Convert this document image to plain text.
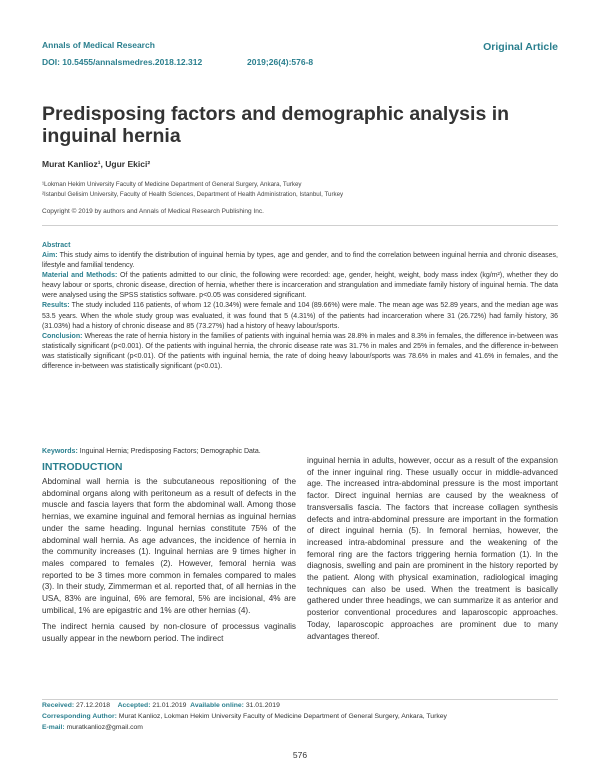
Annals of Medical Research	Original Article
DOI: 10.5455/annalsmedres.2018.12.312	2019;26(4):576-8
Predisposing factors and demographic analysis in inguinal hernia
Murat Kanlioz¹, Ugur Ekici²
¹Lokman Hekim University Faculty of Medicine Department of General Surgery, Ankara, Turkey
²Istanbul Gelisim University, Faculty of Health Sciences, Department of Health Administration, Istanbul, Turkey
Copyright © 2019 by authors and Annals of Medical Research Publishing Inc.
Abstract

Aim: This study aims to identify the distribution of inguinal hernia by types, age and gender, and to find the correlation between inguinal hernia and chronic diseases, lifestyle and familial tendency.

Material and Methods: Of the patients admitted to our clinic, the following were recorded: age, gender, height, weight, body mass index (kg/m²), whether they do heavy labour or sports, chronic disease, direction of hernia, whether there is incarceration and strangulation and immediate family history of inguinal hernia. The data were analysed using the SPSS statistics software. p<0.05 was considered significant.

Results: The study included 116 patients, of whom 12 (10.34%) were female and 104 (89.66%) were male. The mean age was 52.89 years, and the median age was 53.5 years. When the whole study group was evaluated, it was found that 5 (4.31%) of the patients had incarceration where 31 (26.72%) had family history, 36 (31.03%) had a history of chronic disease and 85 (73.27%) had a history of heavy labour/sports.

Conclusion: Whereas the rate of hernia history in the families of patients with inguinal hernia was 28.8% in males and 8.3% in females, the difference in-between was statistically significant (p<0.001). Of the patients with inguinal hernia, the chronic disease rate was 31.7% in males and 25% in females, and the difference in-between was statistically significant (p<0.01). Of the patients with inguinal hernia, the rate of doing heavy labour/sports was 78.6% in males and 41.6% in females, and the difference in-between was statistically significant (p<0.01).

Keywords: Inguinal Hernia; Predisposing Factors; Demographic Data.
INTRODUCTION

Abdominal wall hernia is the subcutaneous repositioning of the abdominal organs along with peritoneum as a result of defects in the muscle and fascia layers that form the abdominal wall. Among those hernias, we examine inguinal and femoral hernias as inguinal hernias under the same heading. Ingunal hernias constitute 75% of the abdominal wall hernia. As age advances, the incidence of hernia in the community increases (1). Inguinal hernias are 9 times higher in males compared to females (2). However, femoral hernia was reported to be 3 times more common in females compared to males (3). In their study, Zimmerman et al. reported that, of all hernias in the USA, 83% are inguinal, 6% are femoral, 5% are incisional, 4% are umbilical, 1% are epigastric and 1% are other hernias (4).

The indirect hernia caused by non-closure of processus vaginalis usually appear in the newborn period. The indirect

inguinal hernia in adults, however, occur as a result of the expansion of the inner inguinal ring. These usually occur in middle-advanced age. The increased intra-abdominal pressure is the most important factor. Direct inguinal hernias are caused by the weakness of transversalis fascia. The factors that increase collagen synthesis defects and intra-abdominal pressure are important in the formation of direct inguinal hernia (5). In femoral hernias, however, the increased intra-abdominal pressure and the weakening of the femoral ring are the factors triggering hernia formation (1). In the diagnosis, swelling and pain are prominent in the history reported by the patient. Along with physical examination, radiological imaging techniques can also be used. When the treatment is basically gathered under three headings, we can summarize it as anterior and posterior conventional procedures and laparoscopic approaches. Today, laparoscopic approaches are prominent due to many advantages thereof.

Received: 27.12.2018 Accepted: 21.01.2019 Available online: 31.01.2019
Corresponding Author: Murat Kanlioz, Lokman Hekim University Faculty of Medicine Department of General Surgery, Ankara, Turkey
E-mail: muratkanlioz@gmail.com
576
